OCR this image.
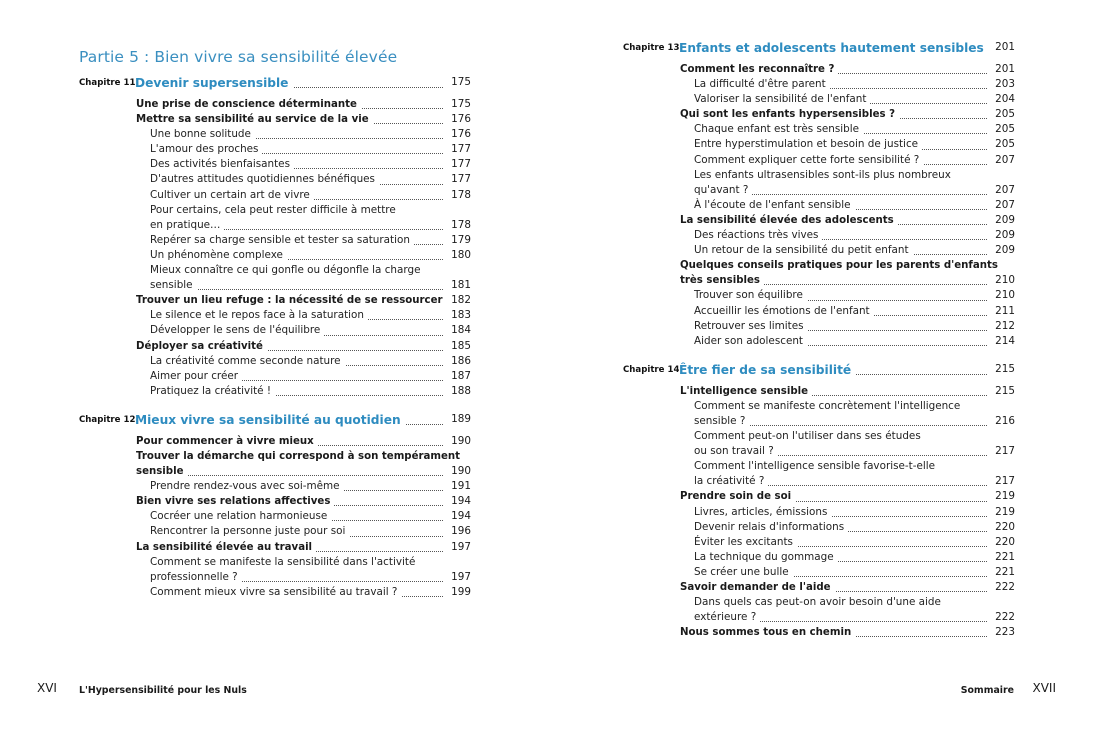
Partie 5 : Bien vivre sa sensibilité élevée
Chapitre 11 Devenir supersensible	175
Une prise de conscience déterminante	175
Mettre sa sensibilité au service de la vie	176
Une bonne solitude	176
L'amour des proches	177
Des activités bienfaisantes	177
D'autres attitudes quotidiennes bénéfiques	177
Cultiver un certain art de vivre	178
Pour certains, cela peut rester difficile à mettre
en pratique…	178
Repérer sa charge sensible et tester sa saturation	179
Un phénomène complexe	180
Mieux connaître ce qui gonfle ou dégonfle la charge
sensible	181
Trouver un lieu refuge : la nécessité de se ressourcer 182
Le silence et le repos face à la saturation	183
Développer le sens de l'équilibre	184
Déployer sa créativité	185
La créativité comme seconde nature	186
Aimer pour créer	187
Pratiquez la créativité !	188
Chapitre 12 Mieux vivre sa sensibilité au quotidien	189
Pour commencer à vivre mieux	190
Trouver la démarche qui correspond à son tempérament
sensible	190
Prendre rendez-vous avec soi-même	191
Bien vivre ses relations affectives	194
Cocréer une relation harmonieuse	194
Rencontrer la personne juste pour soi	196
La sensibilité élevée au travail	197
Comment se manifeste la sensibilité dans l'activité
professionnelle ?	197
Comment mieux vivre sa sensibilité au travail ?	199
XVI L'Hypersensibilité pour les Nuls
Chapitre 13 Enfants et adolescents hautement sensibles	201
Comment les reconnaître ?	201
La difficulté d'être parent	203
Valoriser la sensibilité de l'enfant	204
Qui sont les enfants hypersensibles ?	205
Chaque enfant est très sensible	205
Entre hyperstimulation et besoin de justice	205
Comment expliquer cette forte sensibilité ?	207
Les enfants ultrasensibles sont-ils plus nombreux
qu'avant ?	207
À l'écoute de l'enfant sensible	207
La sensibilité élevée des adolescents	209
Des réactions très vives	209
Un retour de la sensibilité du petit enfant	209
Quelques conseils pratiques pour les parents d'enfants
très sensibles	210
Trouver son équilibre	210
Accueillir les émotions de l'enfant	211
Retrouver ses limites	212
Aider son adolescent	214
Chapitre 14 Être fier de sa sensibilité	215
L'intelligence sensible	215
Comment se manifeste concrètement l'intelligence
sensible ?	216
Comment peut-on l'utiliser dans ses études
ou son travail ?	217
Comment l'intelligence sensible favorise-t-elle
la créativité ?	217
Prendre soin de soi	219
Livres, articles, émissions	219
Devenir relais d'informations	220
Éviter les excitants	220
La technique du gommage	221
Se créer une bulle	221
Savoir demander de l'aide	222
Dans quels cas peut-on avoir besoin d'une aide
extérieure ?	222
Nous sommes tous en chemin	223
Sommaire XVII
